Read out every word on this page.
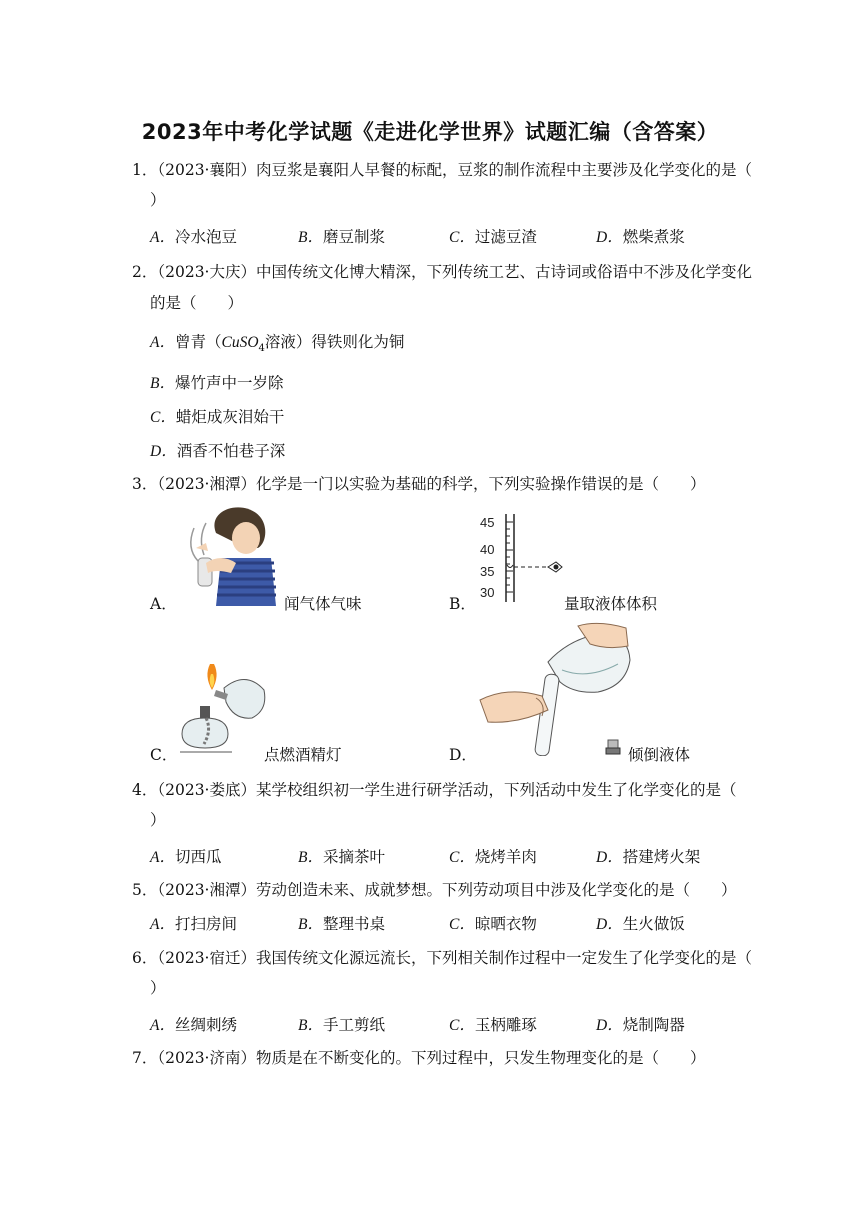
2023年中考化学试题《走进化学世界》试题汇编（含答案）
1．（2023·襄阳）肉豆浆是襄阳人早餐的标配，豆浆的制作流程中主要涉及化学变化的是（
）
A．冷水泡豆	B．磨豆制浆	C．过滤豆渣	D．燃柴煮浆
2．（2023·大庆）中国传统文化博大精深，下列传统工艺、古诗词或俗语中不涉及化学变化
的是（　　）
A．曾青（CuSO$_4$溶液）得铁则化为铜
B．爆竹声中一岁除
C．蜡炬成灰泪始干
D．酒香不怕巷子深
3．（2023·湘潭）化学是一门以实验为基础的科学，下列实验操作错误的是（　　）
A．	闻气体气味
45
40
35
30
B．	量取液体体积
C．	点燃酒精灯	D．	倾倒液体
4．（2023·娄底）某学校组织初一学生进行研学活动，下列活动中发生了化学变化的是（
）
A．切西瓜	B．采摘茶叶	C．烧烤羊肉	D．搭建烤火架
5．（2023·湘潭）劳动创造未来、成就梦想。下列劳动项目中涉及化学变化的是（　　）
A．打扫房间	B．整理书桌	C．晾晒衣物	D．生火做饭
6．（2023·宿迁）我国传统文化源远流长，下列相关制作过程中一定发生了化学变化的是（
）
A．丝绸刺绣	B．手工剪纸	C．玉柄雕琢	D．烧制陶器
7．（2023·济南）物质是在不断变化的。下列过程中，只发生物理变化的是（　　）
